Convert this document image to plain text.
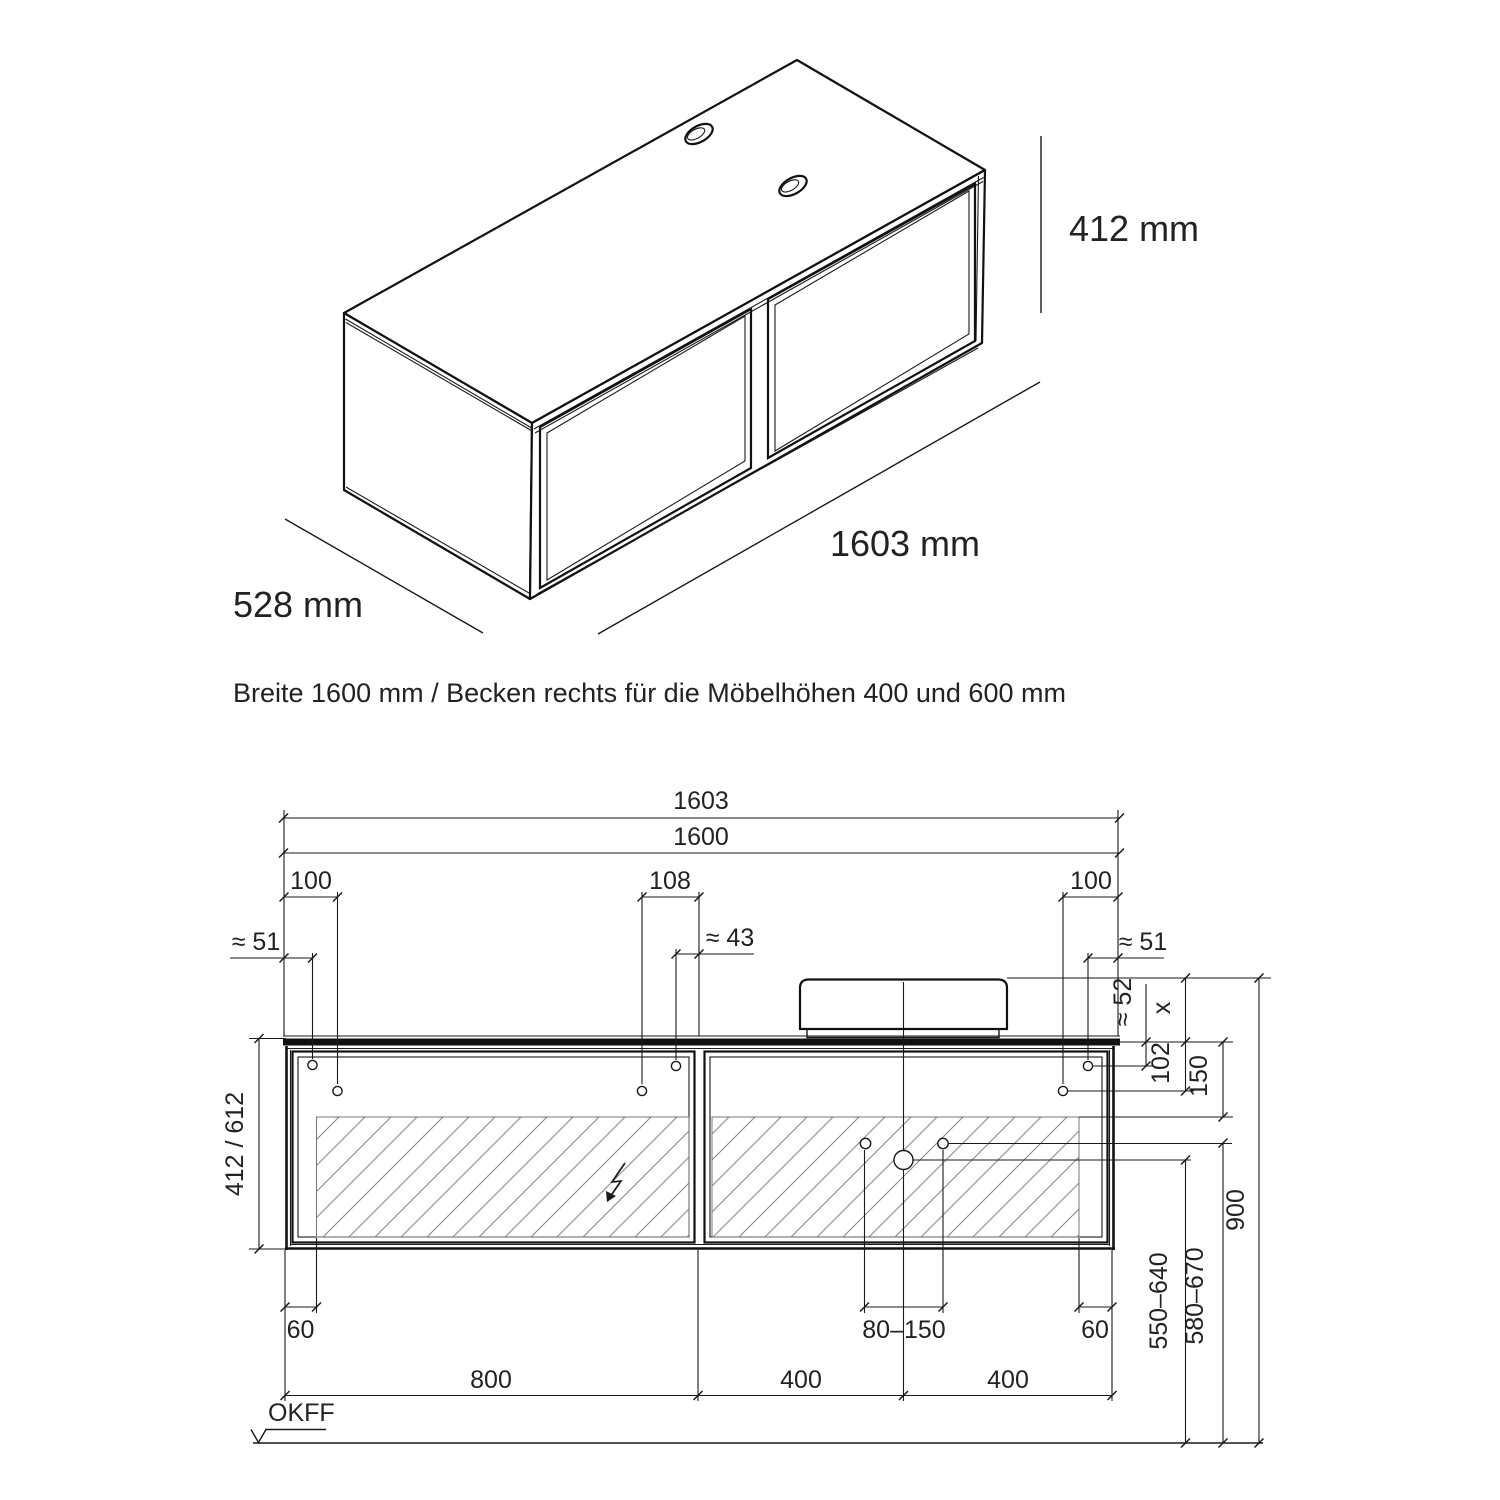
412 mm
1603 mm
528 mm
Breite 1600 mm / Becken rechts für die Möbelhöhen 400 und 600 mm
1603
1600
100	108	100
≈ 51	≈ 43	≈ 51
≈ 52 x
102 150
900
550–640 580–670
412 / 612
60	80–150	60
800	400	400
OKFF
